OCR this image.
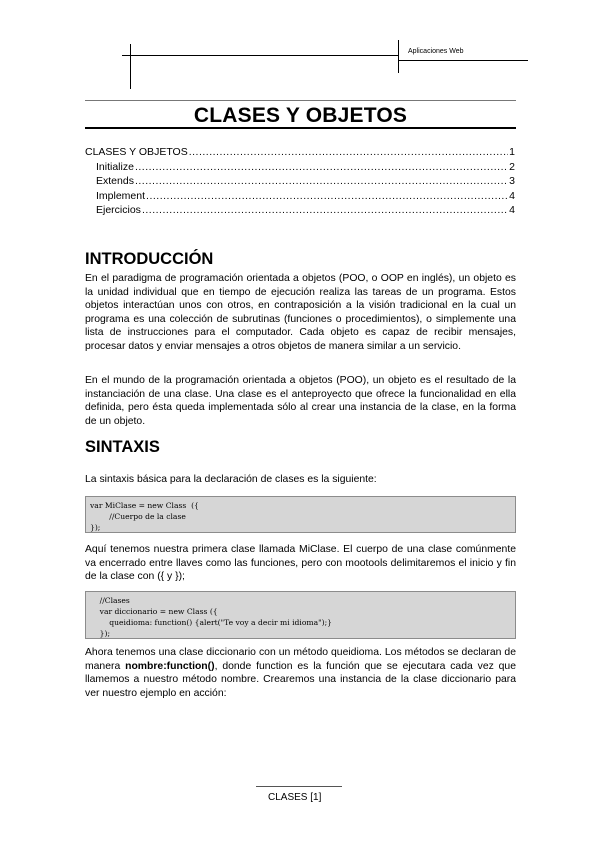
Aplicaciones Web
CLASES Y OBJETOS
CLASES Y OBJETOS .....	1
Initialize .....	2
Extends .....	3
Implement .....	4
Ejercicios .....	4
INTRODUCCIÓN

En el paradigma de programación orientada a objetos (POO, o OOP en inglés), un objeto es la unidad individual que en tiempo de ejecución realiza las tareas de un programa. Estos objetos interactúan unos con otros, en contraposición a la visión tradicional en la cual un programa es una colección de subrutinas (funciones o procedimientos), o simplemente una lista de instrucciones para el computador. Cada objeto es capaz de recibir mensajes, procesar datos y enviar mensajes a otros objetos de manera similar a un servicio.

En el mundo de la programación orientada a objetos (POO), un objeto es el resultado de la instanciación de una clase. Una clase es el anteproyecto que ofrece la funcionalidad en ella definida, pero ésta queda implementada sólo al crear una instancia de la clase, en la forma de un objeto.

SINTAXIS

La sintaxis básica para la declaración de clases es la siguiente:

var MiClase = new Class  ({
//Cuerpo de la clase
});

Aquí tenemos nuestra primera clase llamada MiClase. El cuerpo de una clase comúnmente va encerrado entre llaves como las funciones, pero con mootools delimitaremos el inicio y fin de la clase con ({ y });

//Clases
var diccionario = new Class ({
queidioma: function() {alert("Te voy a decir mi idioma");}
});

Ahora tenemos una clase diccionario con un método queidioma. Los métodos se declaran de manera nombre:function(), donde function es la función que se ejecutara cada vez que llamemos a nuestro método nombre. Crearemos una instancia de la clase diccionario para ver nuestro ejemplo en acción:

CLASES [1]
